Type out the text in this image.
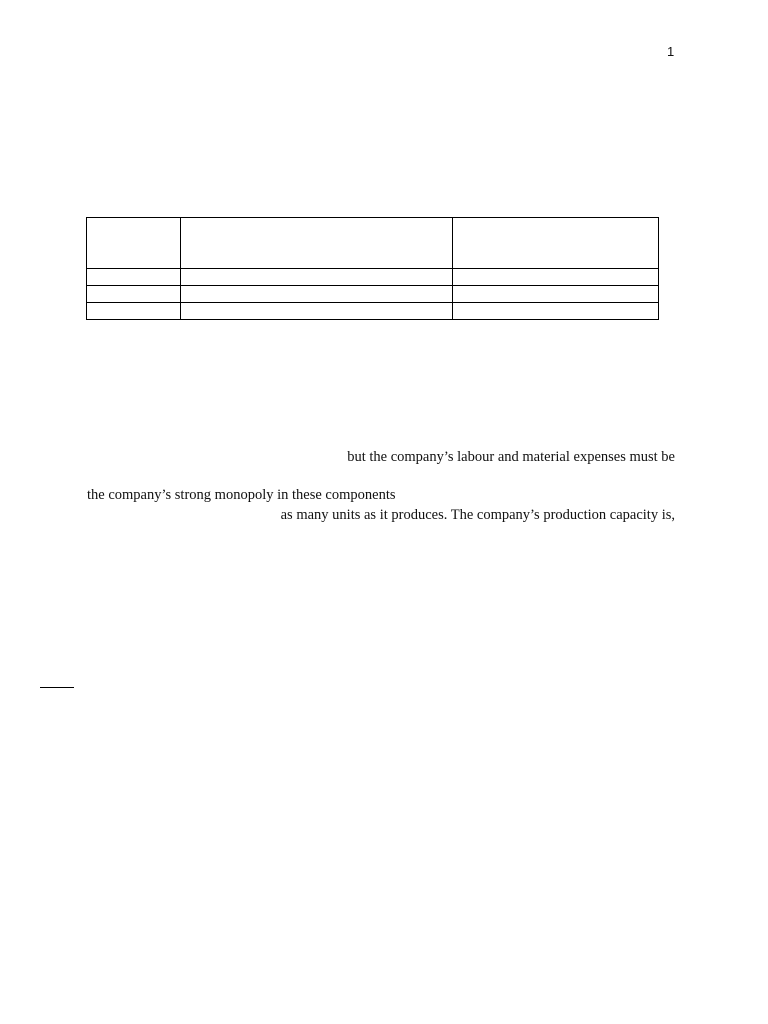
1

but the company’s labour and material expenses must be
the company’s strong monopoly in these components
as many units as it produces. The company’s production capacity is,
